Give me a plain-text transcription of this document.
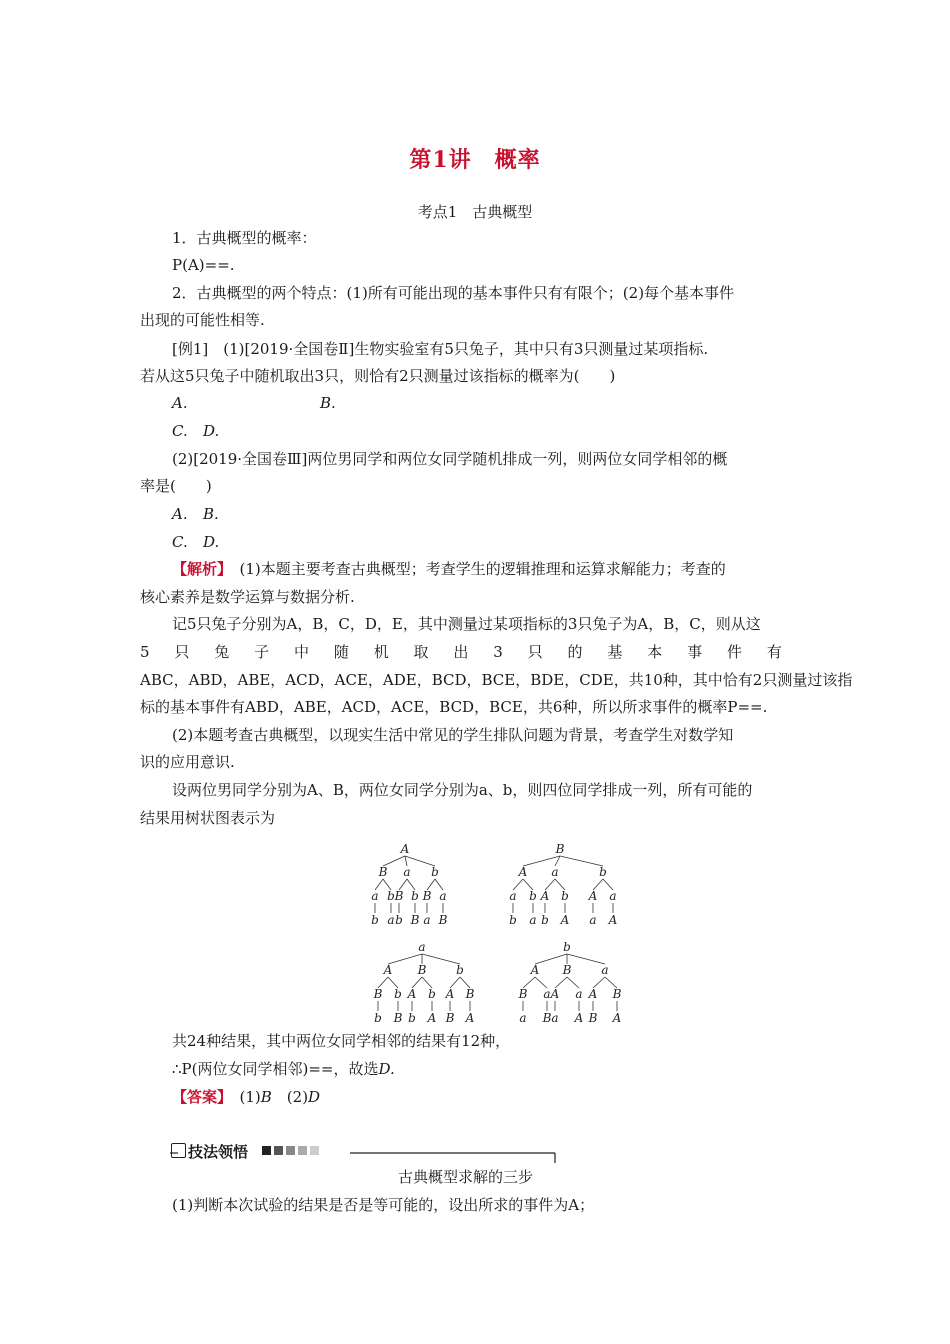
第1讲　概率
考点1　古典概型
1．古典概型的概率：
P(A)==.
2．古典概型的两个特点：(1)所有可能出现的基本事件只有有限个；(2)每个基本事件
出现的可能性相等.
[例1]　(1)[2019·全国卷Ⅱ]生物实验室有5只兔子，其中只有3只测量过某项指标.
若从这5只兔子中随机取出3只，则恰有2只测量过该指标的概率为(　　)
A.	B.
C. D.
(2)[2019·全国卷Ⅲ]两位男同学和两位女同学随机排成一列，则两位女同学相邻的概
率是(　　)
A. B.
C. D.
【解析】　(1)本题主要考查古典概型；考查学生的逻辑推理和运算求解能力；考查的
核心素养是数学运算与数据分析.
记5只兔子分别为A，B，C，D，E，其中测量过某项指标的3只兔子为A，B，C，则从这
5 只 兔 子 中 随 机 取 出 3 只 的 基 本 事 件 有
ABC，ABD，ABE，ACD，ACE，ADE，BCD，BCE，BDE，CDE，共10种，其中恰有2只测量过该指
标的基本事件有ABD，ABE，ACD，ACE，BCD，BCE，共6种，所以所求事件的概率P==.
(2)本题考查古典概型，以现实生活中常见的学生排队问题为背景，考查学生对数学知
识的应用意识.
设两位男同学分别为A、B，两位女同学分别为a、b，则四位同学排成一列，所有可能的
结果用树状图表示为
A
B
a
b
b
a
a
B
b
b
B
b
B
a
a
B
B
A
a
b
b
a
a
A
b
b
A
b
A
a
a
A
a
A
B
b
b
B
B
A
b
b
A
b
A
B
B
A
b
A
B
a
a
B
B
A
a
a
A
a
A
B
B
A
共24种结果，其中两位女同学相邻的结果有12种，
∴P(两位女同学相邻)==，故选D.
【答案】　(1)B　(2)D
技法领悟
古典概型求解的三步
(1)判断本次试验的结果是否是等可能的，设出所求的事件为A；
